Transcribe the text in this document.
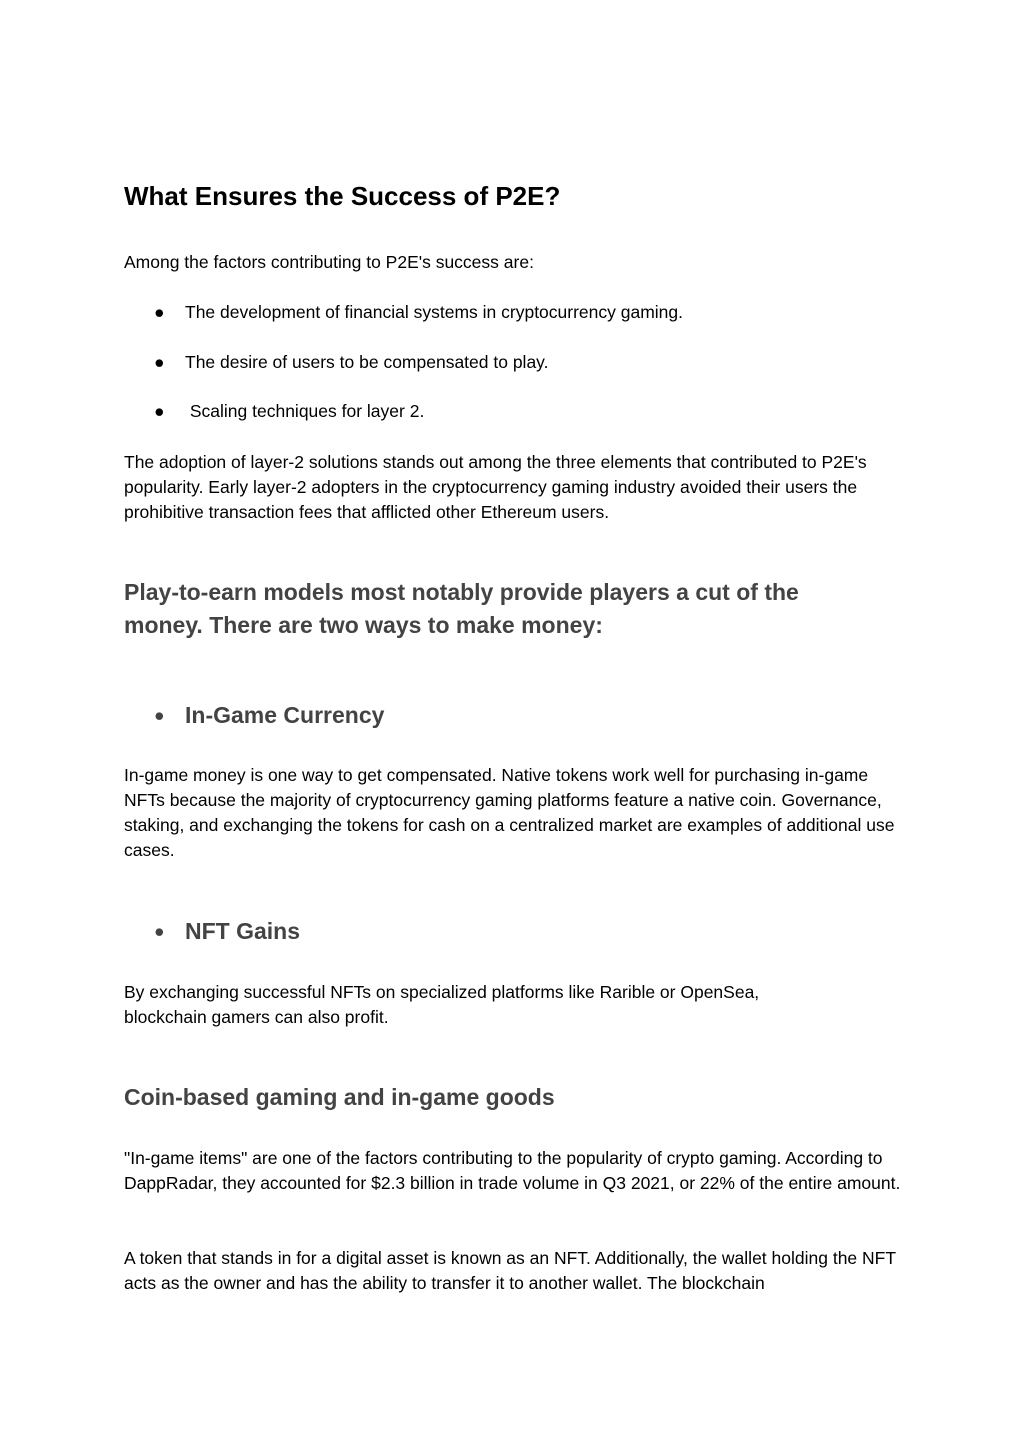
What Ensures the Success of P2E?

Among the factors contributing to P2E's success are:

●	The development of financial systems in cryptocurrency gaming.
●	The desire of users to be compensated to play.
●	Scaling techniques for layer 2.

The adoption of layer-2 solutions stands out among the three elements that contributed to P2E's popularity. Early layer-2 adopters in the cryptocurrency gaming industry avoided their users the prohibitive transaction fees that afflicted other Ethereum users.

Play-to-earn models most notably provide players a cut of the money. There are two ways to make money:
● In-Game Currency

In-game money is one way to get compensated. Native tokens work well for purchasing in-game NFTs because the majority of cryptocurrency gaming platforms feature a native coin. Governance, staking, and exchanging the tokens for cash on a centralized market are examples of additional use cases.

● NFT Gains

By exchanging successful NFTs on specialized platforms like Rarible or OpenSea, blockchain gamers can also profit.

Coin-based gaming and in-game goods

"In-game items" are one of the factors contributing to the popularity of crypto gaming. According to DappRadar, they accounted for $2.3 billion in trade volume in Q3 2021, or 22% of the entire amount.

A token that stands in for a digital asset is known as an NFT. Additionally, the wallet holding the NFT acts as the owner and has the ability to transfer it to another wallet. The blockchain
